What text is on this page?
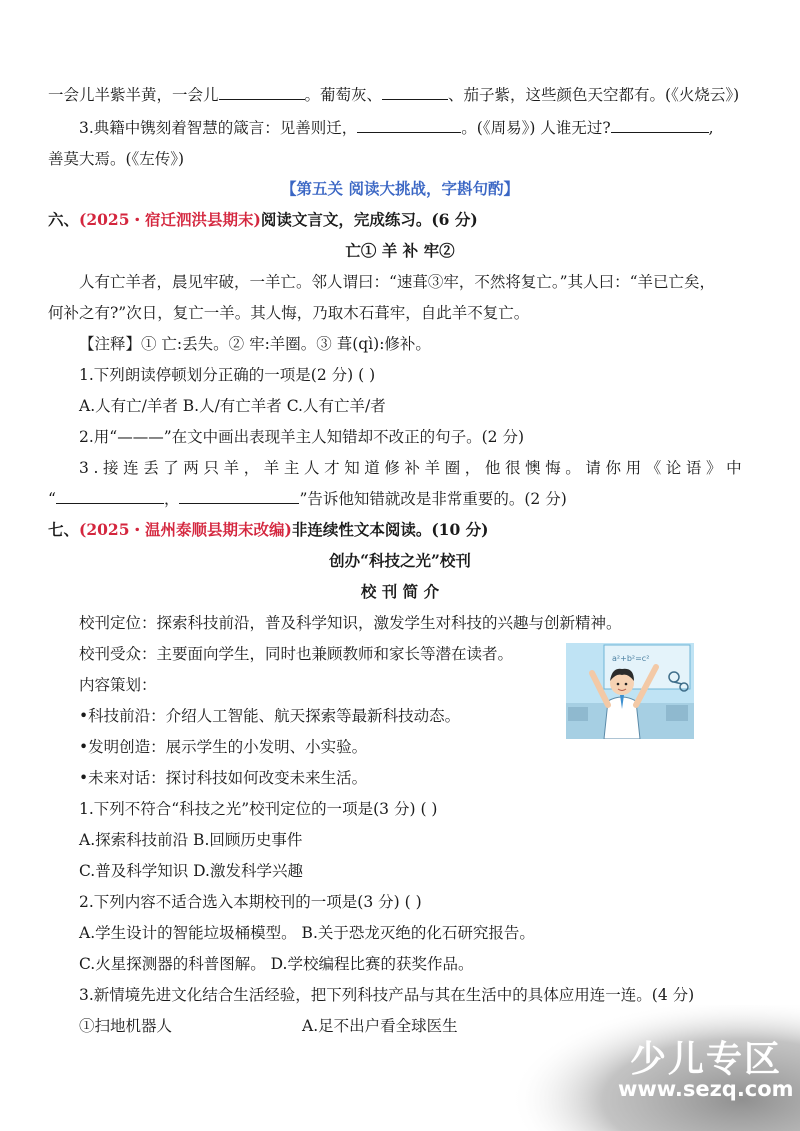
一会儿半紫半黄，一会儿	。葡萄灰、	、茄子紫，这些颜色天空都有。(《火烧云》)
3.典籍中镌刻着智慧的箴言：见善则迁，	。(《周易》) 人谁无过?	,
善莫大焉。(《左传》)
【第五关 阅读大挑战，字斟句酌】
六、(2025・宿迁泗洪县期末)阅读文言文，完成练习。(6 分)
亡① 羊 补 牢②
人有亡羊者，晨见牢破，一羊亡。邻人谓曰：“速葺③牢，不然将复亡。”其人曰：“羊已亡矣，
何补之有?”次日，复亡一羊。其人悔，乃取木石葺牢，自此羊不复亡。
【注释】① 亡:丢失。② 牢:羊圈。③ 葺(qì):修补。
1.下列朗读停顿划分正确的一项是(2 分) ( )
A.人有亡/羊者 B.人/有亡羊者 C.人有亡羊/者
2.用“———”在文中画出表现羊主人知错却不改正的句子。(2 分)
3.接连丢了两只羊，羊主人才知道修补羊圈，他很懊悔。请你用《论语》中
“	，	”告诉他知错就改是非常重要的。(2 分)
七、(2025・温州泰顺县期末改编)非连续性文本阅读。(10 分)
创办“科技之光”校刊
校 刊 简 介
校刊定位：探索科技前沿，普及科学知识，激发学生对科技的兴趣与创新精神。
校刊受众：主要面向学生，同时也兼顾教师和家长等潜在读者。
内容策划：
•科技前沿：介绍人工智能、航天探索等最新科技动态。
•发明创造：展示学生的小发明、小实验。
•未来对话：探讨科技如何改变未来生活。
a²+b²=c²
1.下列不符合“科技之光”校刊定位的一项是(3 分) ( )
A.探索科技前沿 B.回顾历史事件
C.普及科学知识 D.激发科学兴趣
2.下列内容不适合选入本期校刊的一项是(3 分) ( )
A.学生设计的智能垃圾桶模型。 B.关于恐龙灭绝的化石研究报告。
C.火星探测器的科普图解。 D.学校编程比赛的获奖作品。
3.新情境先进文化结合生活经验，把下列科技产品与其在生活中的具体应用连一连。(4 分)
①扫地机器人	A.足不出户看全球医生
少儿专区
www.sezq.com
